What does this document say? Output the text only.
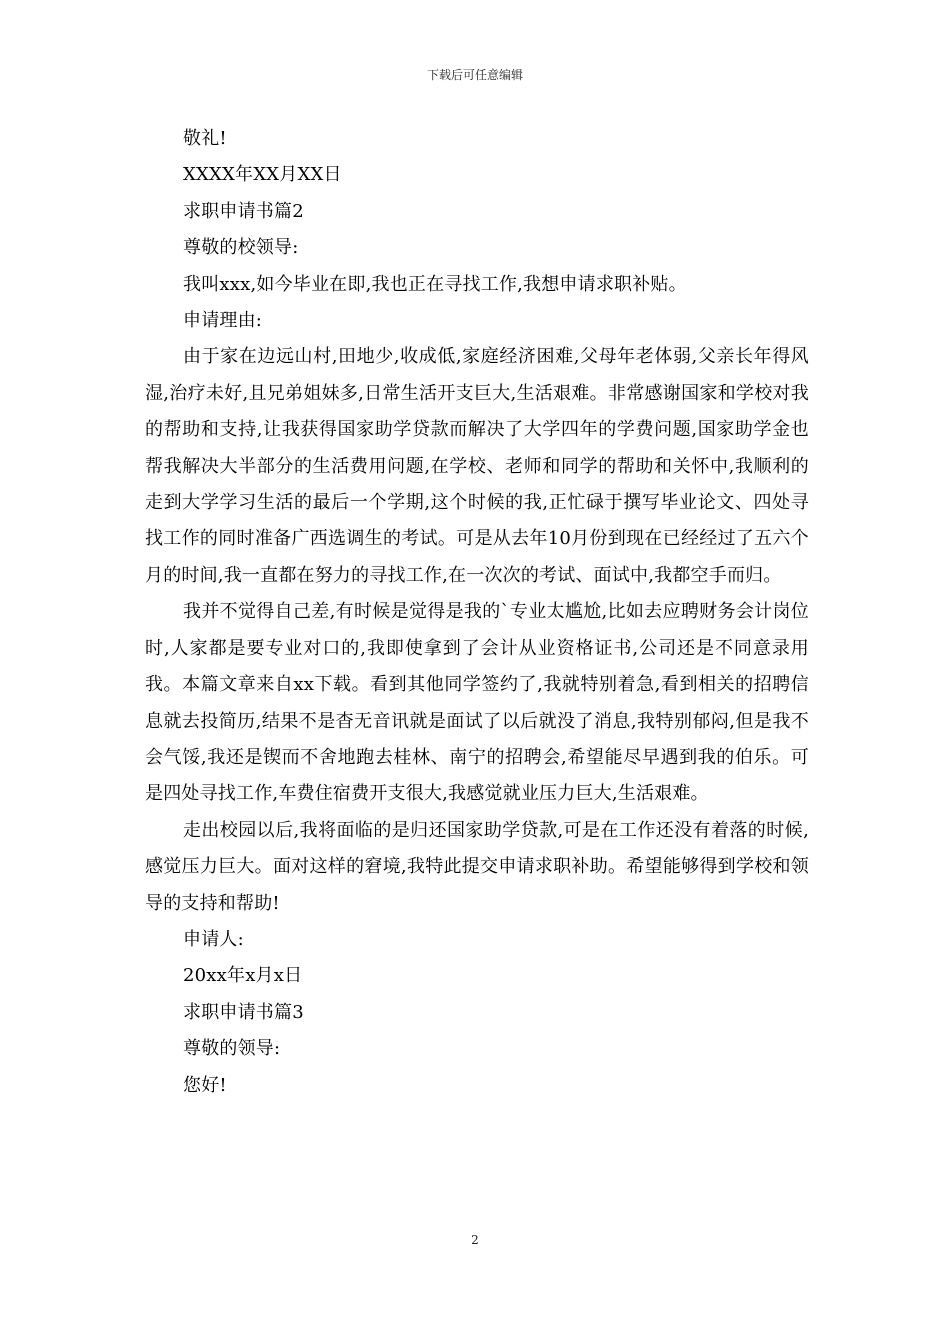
下载后可任意编辑

敬礼!

XXXX年XX月XX日

求职申请书篇2

尊敬的校领导:

我叫xxx,如今毕业在即,我也正在寻找工作,我想申请求职补贴。

申请理由:

由于家在边远山村,田地少,收成低,家庭经济困难,父母年老体弱,父亲长年得风湿,治疗未好,且兄弟姐妹多,日常生活开支巨大,生活艰难。非常感谢国家和学校对我的帮助和支持,让我获得国家助学贷款而解决了大学四年的学费问题,国家助学金也帮我解决大半部分的生活费用问题,在学校、老师和同学的帮助和关怀中,我顺利的走到大学学习生活的最后一个学期,这个时候的我,正忙碌于撰写毕业论文、四处寻找工作的同时准备广西选调生的考试。可是从去年10月份到现在已经经过了五六个月的时间,我一直都在努力的寻找工作,在一次次的考试、面试中,我都空手而归。

我并不觉得自己差,有时候是觉得是我的`专业太尴尬,比如去应聘财务会计岗位时,人家都是要专业对口的,我即使拿到了会计从业资格证书,公司还是不同意录用我。本篇文章来自xx下载。看到其他同学签约了,我就特别着急,看到相关的招聘信息就去投简历,结果不是杳无音讯就是面试了以后就没了消息,我特别郁闷,但是我不会气馁,我还是锲而不舍地跑去桂林、南宁的招聘会,希望能尽早遇到我的伯乐。可是四处寻找工作,车费住宿费开支很大,我感觉就业压力巨大,生活艰难。

走出校园以后,我将面临的是归还国家助学贷款,可是在工作还没有着落的时候,感觉压力巨大。面对这样的窘境,我特此提交申请求职补助。希望能够得到学校和领导的支持和帮助!

申请人:

20xx年x月x日

求职申请书篇3

尊敬的领导:

您好!

2
